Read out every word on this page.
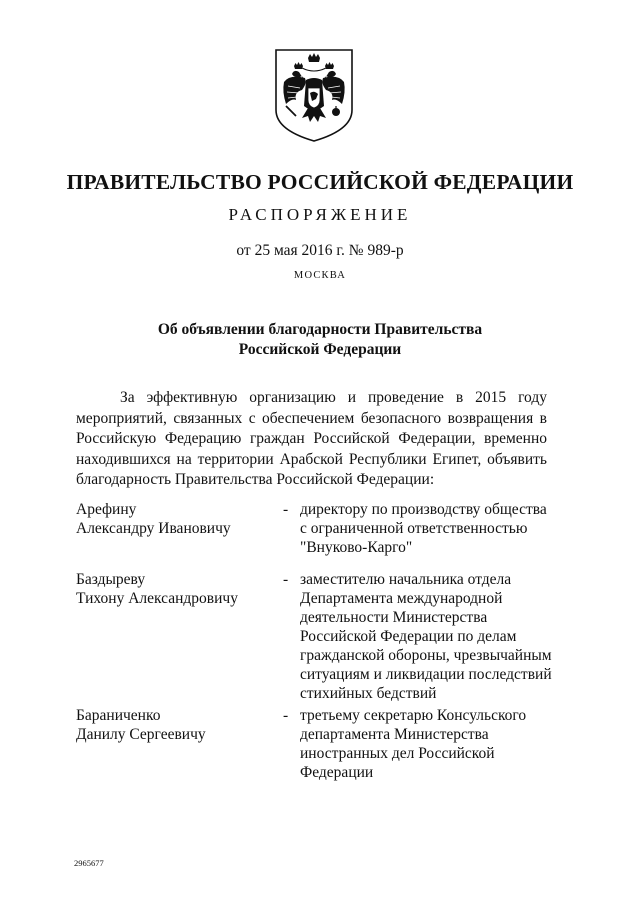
ПРАВИТЕЛЬСТВО РОССИЙСКОЙ ФЕДЕРАЦИИ
РАСПОРЯЖЕНИЕ
от 25 мая 2016 г. № 989-р
МОСКВА
Об объявлении благодарности Правительства
Российской Федерации
За эффективную организацию и проведение в 2015 году мероприятий, связанных с обеспечением безопасного возвращения в Российскую Федерацию граждан Российской Федерации, временно находившихся на территории Арабской Республики Египет, объявить благодарность Правительства Российской Федерации:
Арефину
Александру Ивановичу
- директору по производству общества
с ограниченной ответственностью
"Внуково-Карго"
Баздыреву
Тихону Александровичу
- заместителю начальника отдела
Департамента международной
деятельности Министерства
Российской Федерации по делам
гражданской обороны, чрезвычайным
ситуациям и ликвидации последствий
стихийных бедствий
Бараниченко
Данилу Сергеевичу
- третьему секретарю Консульского
департамента Министерства
иностранных дел Российской
Федерации
2965677
